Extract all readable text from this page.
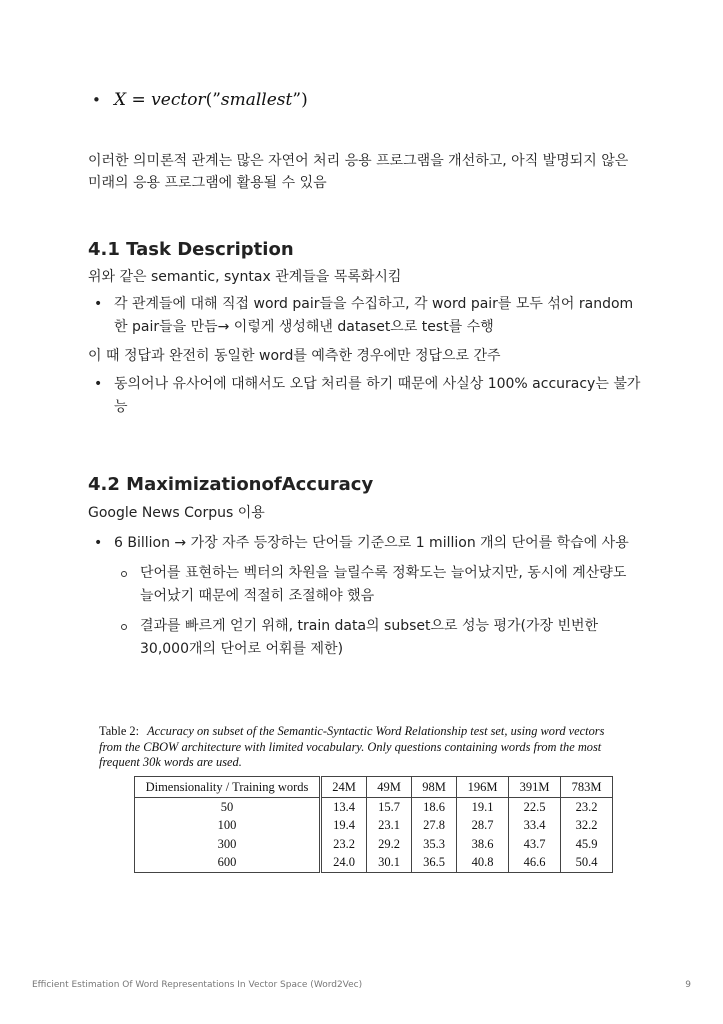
• X = vector(”smallest”)

이러한 의미론적 관계는 많은 자연어 처리 응용 프로그램을 개선하고, 아직 발명되지 않은 미래의 응용 프로그램에 활용될 수 있음

4.1 Task Description

위와 같은 semantic, syntax 관계들을 목록화시킴

• 각 관계들에 대해 직접 word pair들을 수집하고, 각 word pair를 모두 섞어 random 한 pair들을 만듬→ 이렇게 생성해낸 dataset으로 test를 수행

이 때 정답과 완전히 동일한 word를 예측한 경우에만 정답으로 간주

• 동의어나 유사어에 대해서도 오답 처리를 하기 때문에 사실상 100% accuracy는 불가능
4.2 MaximizationofAccuracy

Google News Corpus 이용

• 6 Billion → 가장 자주 등장하는 단어들 기준으로 1 million 개의 단어를 학습에 사용
단어를 표현하는 벡터의 차원을 늘릴수록 정확도는 늘어났지만, 동시에 계산량도 늘어났기 때문에 적절히 조절해야 했음
결과를 빠르게 얻기 위해, train data의 subset으로 성능 평가(가장 빈번한 30,000개의 단어로 어휘를 제한)
Table 2: Accuracy on subset of the Semantic-Syntactic Word Relationship test set, using word vectors from the CBOW architecture with limited vocabulary. Only questions containing words from the most frequent 30k words are used.
Dimensionality / Training words	24M	49M	98M	196M	391M	783M
50	13.4	15.7	18.6	19.1	22.5	23.2
100	19.4	23.1	27.8	28.7	33.4	32.2
300	23.2	29.2	35.3	38.6	43.7	45.9
600	24.0	30.1	36.5	40.8	46.6	50.4
Efficient Estimation Of Word Representations In Vector Space (Word2Vec)	9
